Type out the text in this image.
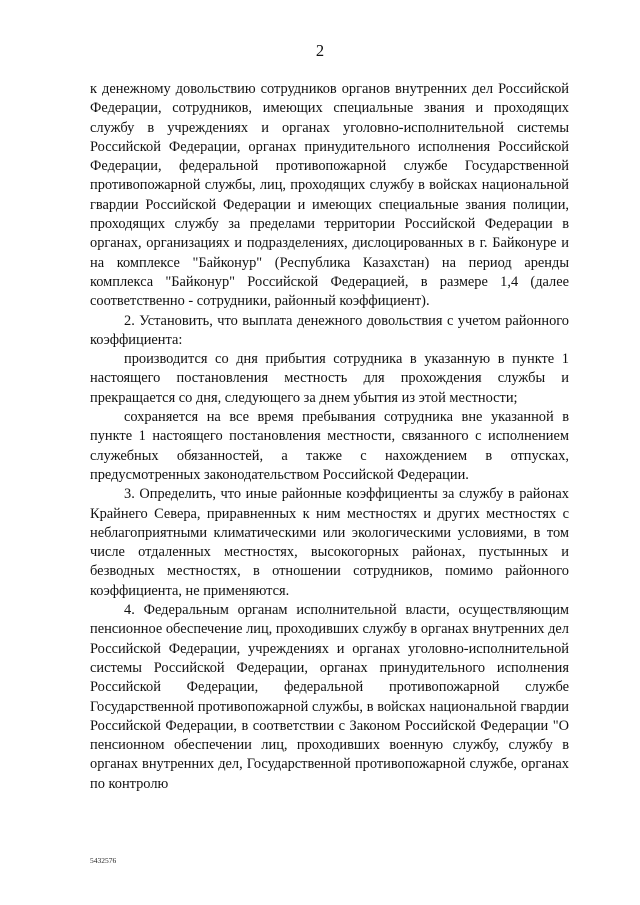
2

к денежному довольствию сотрудников органов внутренних дел Российской Федерации, сотрудников, имеющих специальные звания и проходящих службу в учреждениях и органах уголовно-исполнительной системы Российской Федерации, органах принудительного исполнения Российской Федерации, федеральной противопожарной службе Государственной противопожарной службы, лиц, проходящих службу в войсках национальной гвардии Российской Федерации и имеющих специальные звания полиции, проходящих службу за пределами территории Российской Федерации в органах, организациях и подразделениях, дислоцированных в г. Байконуре и на комплексе "Байконур" (Республика Казахстан) на период аренды комплекса "Байконур" Российской Федерацией, в размере 1,4 (далее соответственно - сотрудники, районный коэффициент).

2. Установить, что выплата денежного довольствия с учетом районного коэффициента:

производится со дня прибытия сотрудника в указанную в пункте 1 настоящего постановления местность для прохождения службы и прекращается со дня, следующего за днем убытия из этой местности;

сохраняется на все время пребывания сотрудника вне указанной в пункте 1 настоящего постановления местности, связанного с исполнением служебных обязанностей, а также с нахождением в отпусках, предусмотренных законодательством Российской Федерации.

3. Определить, что иные районные коэффициенты за службу в районах Крайнего Севера, приравненных к ним местностях и других местностях с неблагоприятными климатическими или экологическими условиями, в том числе отдаленных местностях, высокогорных районах, пустынных и безводных местностях, в отношении сотрудников, помимо районного коэффициента, не применяются.

4. Федеральным органам исполнительной власти, осуществляющим пенсионное обеспечение лиц, проходивших службу в органах внутренних дел Российской Федерации, учреждениях и органах уголовно-исполнительной системы Российской Федерации, органах принудительного исполнения Российской Федерации, федеральной противопожарной службе Государственной противопожарной службы, в войсках национальной гвардии Российской Федерации, в соответствии с Законом Российской Федерации "О пенсионном обеспечении лиц, проходивших военную службу, службу в органах внутренних дел, Государственной противопожарной службе, органах по контролю

5432576
